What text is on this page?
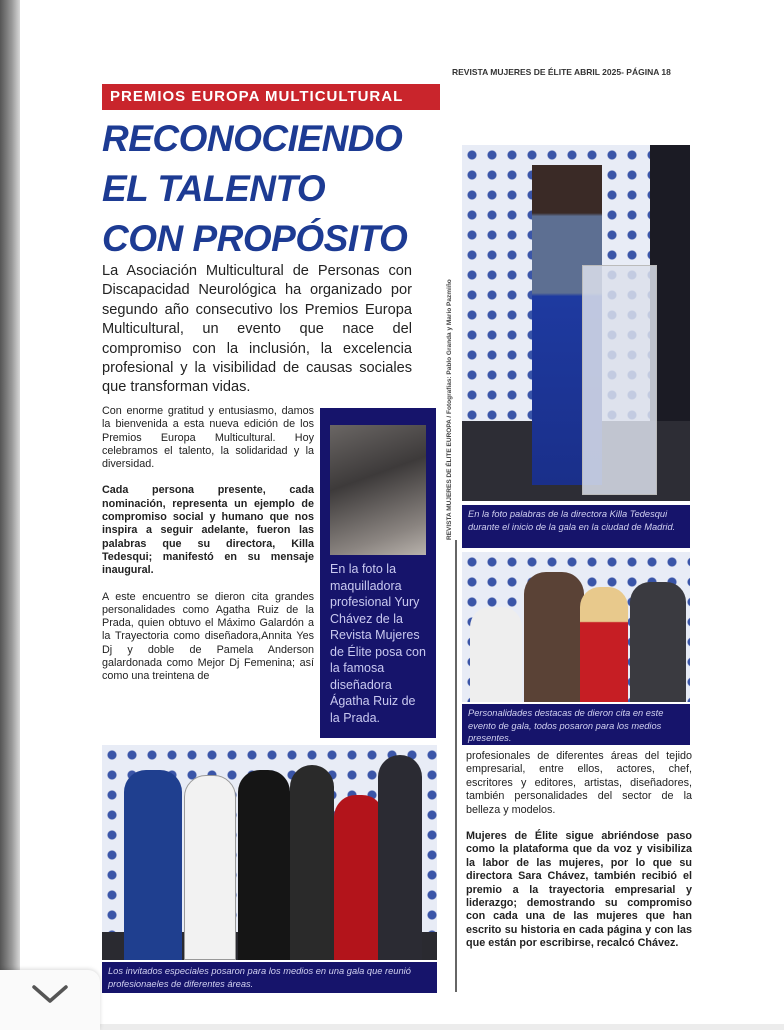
REVISTA MUJERES DE ÉLITE ABRIL 2025- PÁGINA 18
PREMIOS EUROPA MULTICULTURAL
RECONOCIENDO
EL TALENTO
CON PROPÓSITO
La Asociación Multicultural de Personas con Discapacidad Neurológica ha organizado por segundo año consecutivo los Premios Europa Multicultural, un evento que nace del compromiso con la inclusión, la excelencia profesional y la visibilidad de causas sociales que transforman vidas.

Con enorme gratitud y entusiasmo, damos la bienvenida a esta nueva edición de los Premios Europa Multicultural. Hoy celebramos el talento, la solidaridad y la diversidad.

Cada persona presente, cada nominación, representa un ejemplo de compromiso social y humano que nos inspira a seguir adelante, fueron las palabras que su directora, Killa Tedesqui; manifestó en su mensaje inaugural.

A este encuentro se dieron cita grandes personalidades como Agatha Ruiz de la Prada, quien obtuvo el Máximo Galardón a la Trayectoria como diseñadora,Annita Yes Dj y doble de Pamela Anderson galardonada como Mejor Dj Femenina; así como una treintena de

En la foto la maquilladora profesional Yury Chávez de la Revista Mujeres de Élite posa con la famosa diseñadora Ágatha Ruiz de la Prada.
REVISTA MUJERES DE ÉLITE EUROPA / Fotografías: Pablo Granda y Mario Pazmiño	En la foto palabras de la directora Killa Tedesqui durante el inicio de la gala en la ciudad de Madrid.
Personalidades destacas de dieron cita en este evento de gala, todos posaron para los medios presentes.

profesionales de diferentes áreas del tejido empresarial, entre ellos, actores, chef, escritores y editores, artistas, diseñadores, también personalidades del sector de la belleza y modelos.

Mujeres de Élite sigue abriéndose paso como la plataforma que da voz y visibiliza la labor de las mujeres, por lo que su directora Sara Chávez, también recibió el premio a la trayectoria empresarial y liderazgo; demostrando su compromiso con cada una de las mujeres que han escrito su historia en cada página y con las que están por escribirse, recalcó Chávez.

Los invitados especiales posaron para los medios en una gala que reunió profesionaeles de diferentes áreas.
